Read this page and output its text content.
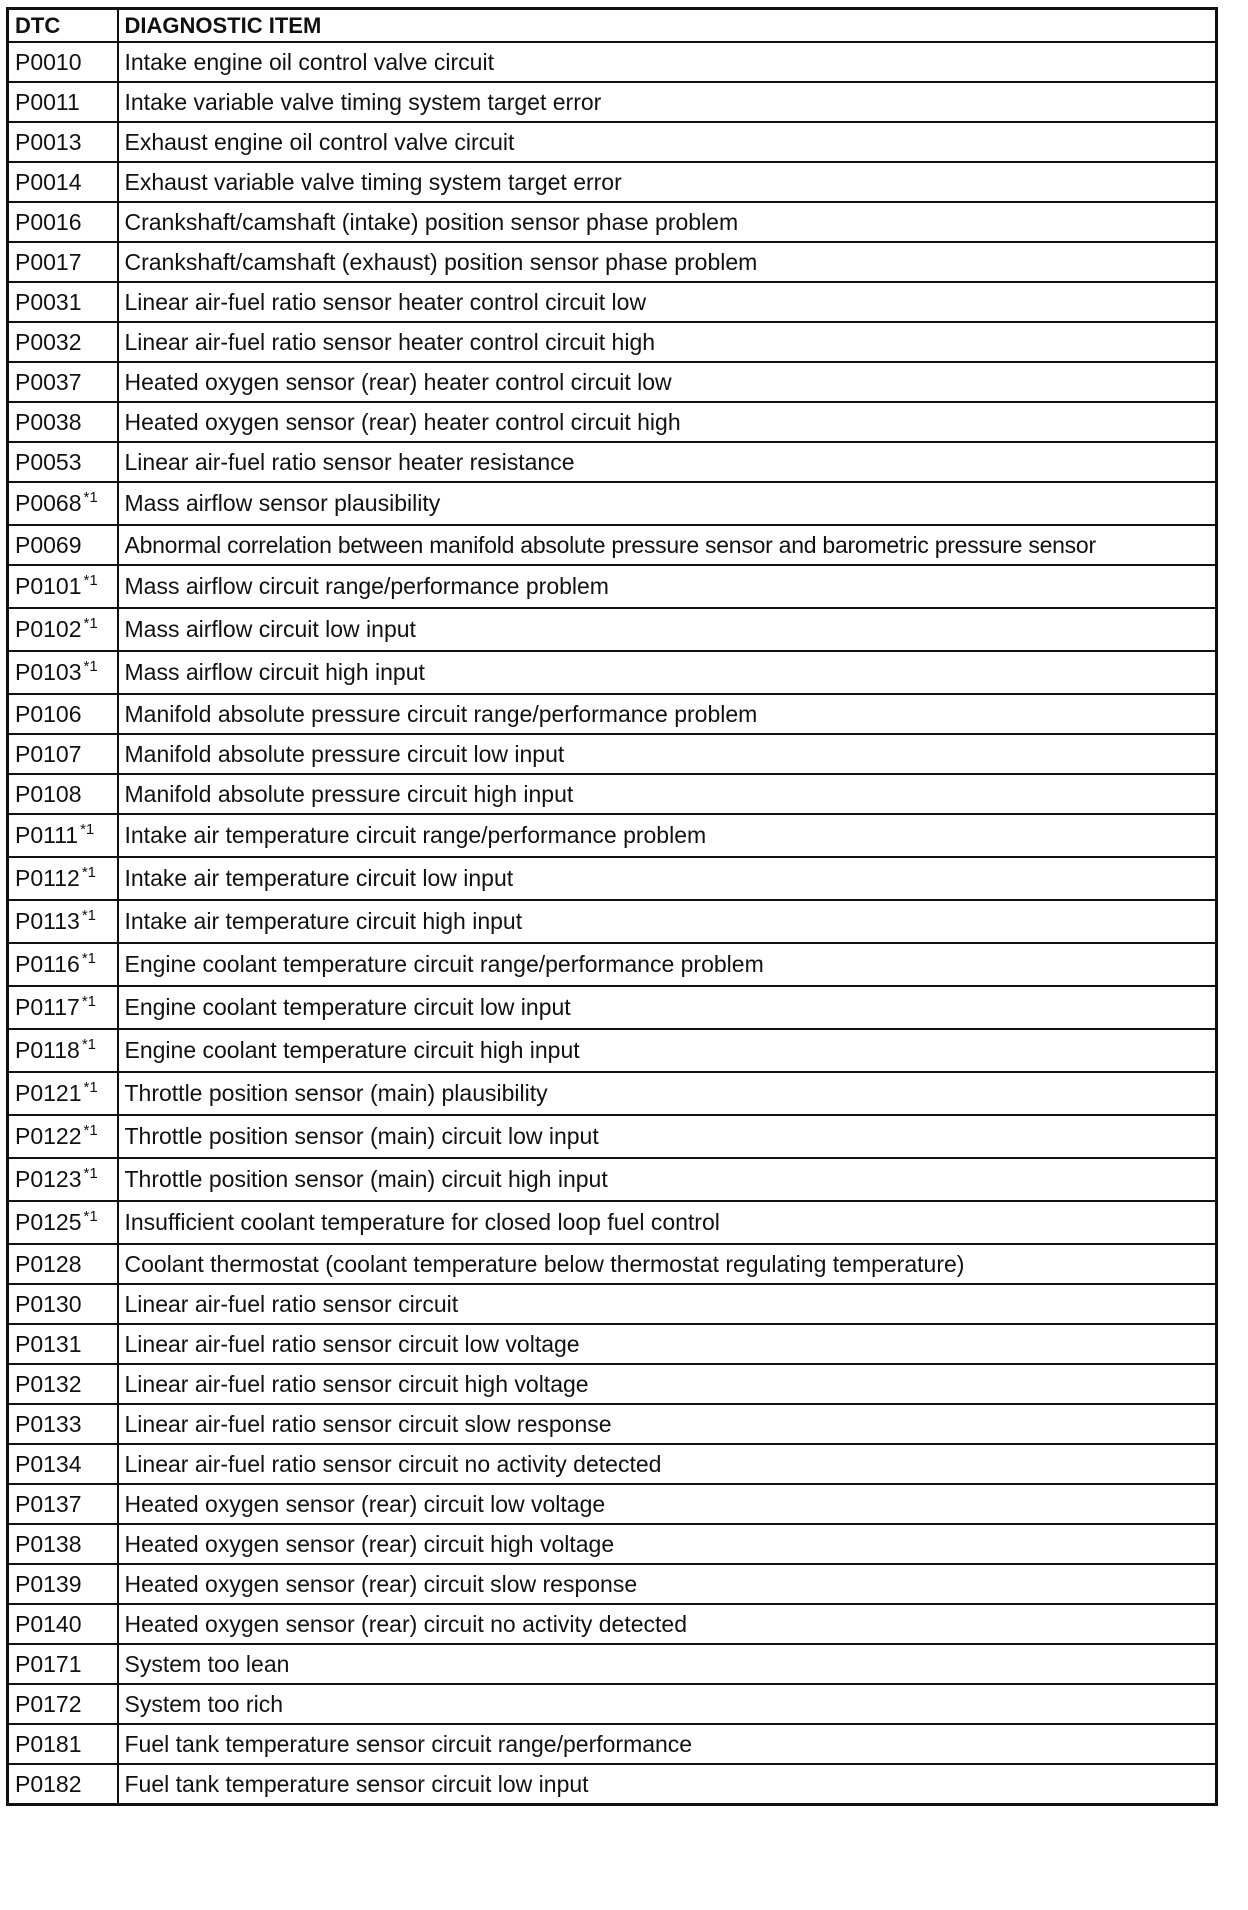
DTC	DIAGNOSTIC ITEM
P0010	Intake engine oil control valve circuit
P0011	Intake variable valve timing system target error
P0013	Exhaust engine oil control valve circuit
P0014	Exhaust variable valve timing system target error
P0016	Crankshaft/camshaft (intake) position sensor phase problem
P0017	Crankshaft/camshaft (exhaust) position sensor phase problem
P0031	Linear air-fuel ratio sensor heater control circuit low
P0032	Linear air-fuel ratio sensor heater control circuit high
P0037	Heated oxygen sensor (rear) heater control circuit low
P0038	Heated oxygen sensor (rear) heater control circuit high
P0053	Linear air-fuel ratio sensor heater resistance
P0068 $^{*1}$	Mass airflow sensor plausibility
P0069	Abnormal correlation between manifold absolute pressure sensor and barometric pressure sensor
P0101 $^{*1}$	Mass airflow circuit range/performance problem
P0102 $^{*1}$	Mass airflow circuit low input
P0103 $^{*1}$	Mass airflow circuit high input
P0106	Manifold absolute pressure circuit range/performance problem
P0107	Manifold absolute pressure circuit low input
P0108	Manifold absolute pressure circuit high input
P0111 $^{*1}$	Intake air temperature circuit range/performance problem
P0112 $^{*1}$	Intake air temperature circuit low input
P0113 $^{*1}$	Intake air temperature circuit high input
P0116 $^{*1}$	Engine coolant temperature circuit range/performance problem
P0117 $^{*1}$	Engine coolant temperature circuit low input
P0118 $^{*1}$	Engine coolant temperature circuit high input
P0121 $^{*1}$	Throttle position sensor (main) plausibility
P0122 $^{*1}$	Throttle position sensor (main) circuit low input
P0123 $^{*1}$	Throttle position sensor (main) circuit high input
P0125 $^{*1}$	Insufficient coolant temperature for closed loop fuel control
P0128	Coolant thermostat (coolant temperature below thermostat regulating temperature)
P0130	Linear air-fuel ratio sensor circuit
P0131	Linear air-fuel ratio sensor circuit low voltage
P0132	Linear air-fuel ratio sensor circuit high voltage
P0133	Linear air-fuel ratio sensor circuit slow response
P0134	Linear air-fuel ratio sensor circuit no activity detected
P0137	Heated oxygen sensor (rear) circuit low voltage
P0138	Heated oxygen sensor (rear) circuit high voltage
P0139	Heated oxygen sensor (rear) circuit slow response
P0140	Heated oxygen sensor (rear) circuit no activity detected
P0171	System too lean
P0172	System too rich
P0181	Fuel tank temperature sensor circuit range/performance
P0182	Fuel tank temperature sensor circuit low input
